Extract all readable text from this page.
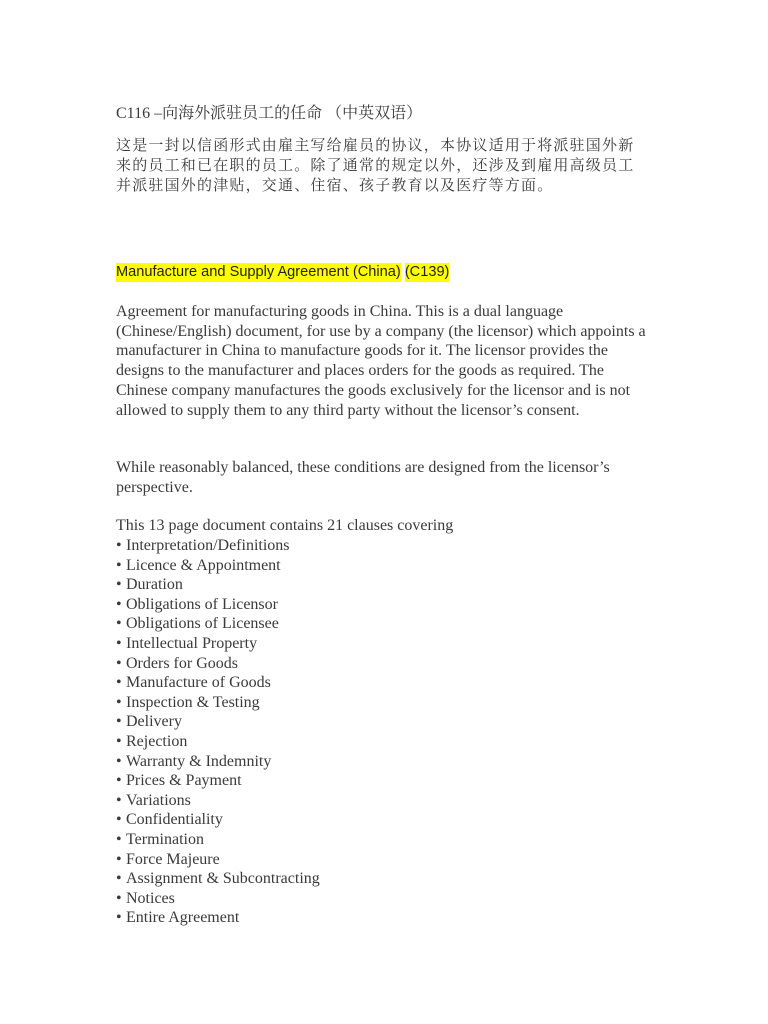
C116 –向海外派驻员工的任命 （中英双语）
这是一封以信函形式由雇主写给雇员的协议，本协议适用于将派驻国外新来的员工和已在职的员工。除了通常的规定以外，还涉及到雇用高级员工并派驻国外的津贴，交通、住宿、孩子教育以及医疗等方面。
Manufacture and Supply Agreement (China) (C139)
Agreement for manufacturing goods in China. This is a dual language (Chinese/English) document, for use by a company (the licensor) which appoints a manufacturer in China to manufacture goods for it. The licensor provides the designs to the manufacturer and places orders for the goods as required. The Chinese company manufactures the goods exclusively for the licensor and is not allowed to supply them to any third party without the licensor’s consent.
While reasonably balanced, these conditions are designed from the licensor’s perspective.
This 13 page document contains 21 clauses covering
• Interpretation/Definitions
• Licence & Appointment
• Duration
• Obligations of Licensor
• Obligations of Licensee
• Intellectual Property
• Orders for Goods
• Manufacture of Goods
• Inspection & Testing
• Delivery
• Rejection
• Warranty & Indemnity
• Prices & Payment
• Variations
• Confidentiality
• Termination
• Force Majeure
• Assignment & Subcontracting
• Notices
• Entire Agreement
